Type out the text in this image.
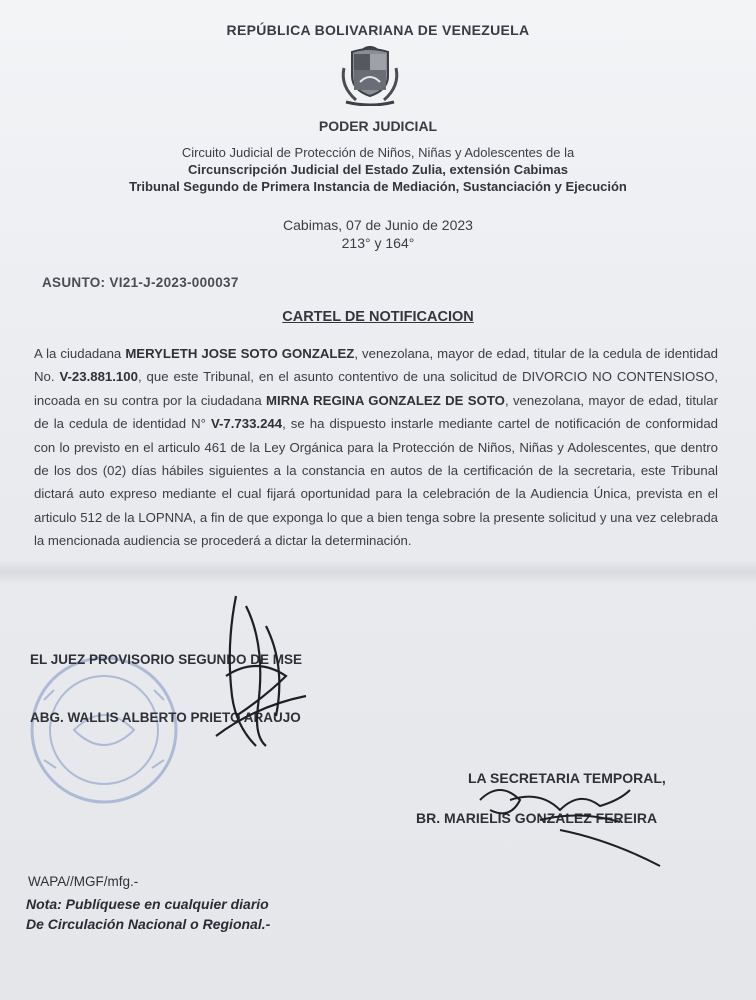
REPÚBLICA BOLIVARIANA DE VENEZUELA
PODER JUDICIAL
Circuito Judicial de Protección de Niños, Niñas y Adolescentes de la
Circunscripción Judicial del Estado Zulia, extensión Cabimas
Tribunal Segundo de Primera Instancia de Mediación, Sustanciación y Ejecución
Cabimas, 07 de Junio de 2023
213° y 164°
ASUNTO: VI21-J-2023-000037
CARTEL DE NOTIFICACION
A la ciudadana MERYLETH JOSE SOTO GONZALEZ, venezolana, mayor de edad, titular de la cedula de identidad No. V-23.881.100, que este Tribunal, en el asunto contentivo de una solicitud de DIVORCIO NO CONTENSIOSO, incoada en su contra por la ciudadana MIRNA REGINA GONZALEZ DE SOTO, venezolana, mayor de edad, titular de la cedula de identidad N° V-7.733.244, se ha dispuesto instarle mediante cartel de notificación de conformidad con lo previsto en el articulo 461 de la Ley Orgánica para la Protección de Niños, Niñas y Adolescentes, que dentro de los dos (02) días hábiles siguientes a la constancia en autos de la certificación de la secretaria, este Tribunal dictará auto expreso mediante el cual fijará oportunidad para la celebración de la Audiencia Única, prevista en el articulo 512 de la LOPNNA, a fin de que exponga lo que a bien tenga sobre la presente solicitud y una vez celebrada la mencionada audiencia se procederá a dictar la determinación.
EL JUEZ PROVISORIO SEGUNDO DE MSE
ABG. WALLIS ALBERTO PRIETO ARAUJO
LA SECRETARIA TEMPORAL,
BR. MARIELIS GONZALEZ FEREIRA
WAPA//MGF/mfg.-
Nota: Publíquese en cualquier diario
De Circulación Nacional o Regional.-
